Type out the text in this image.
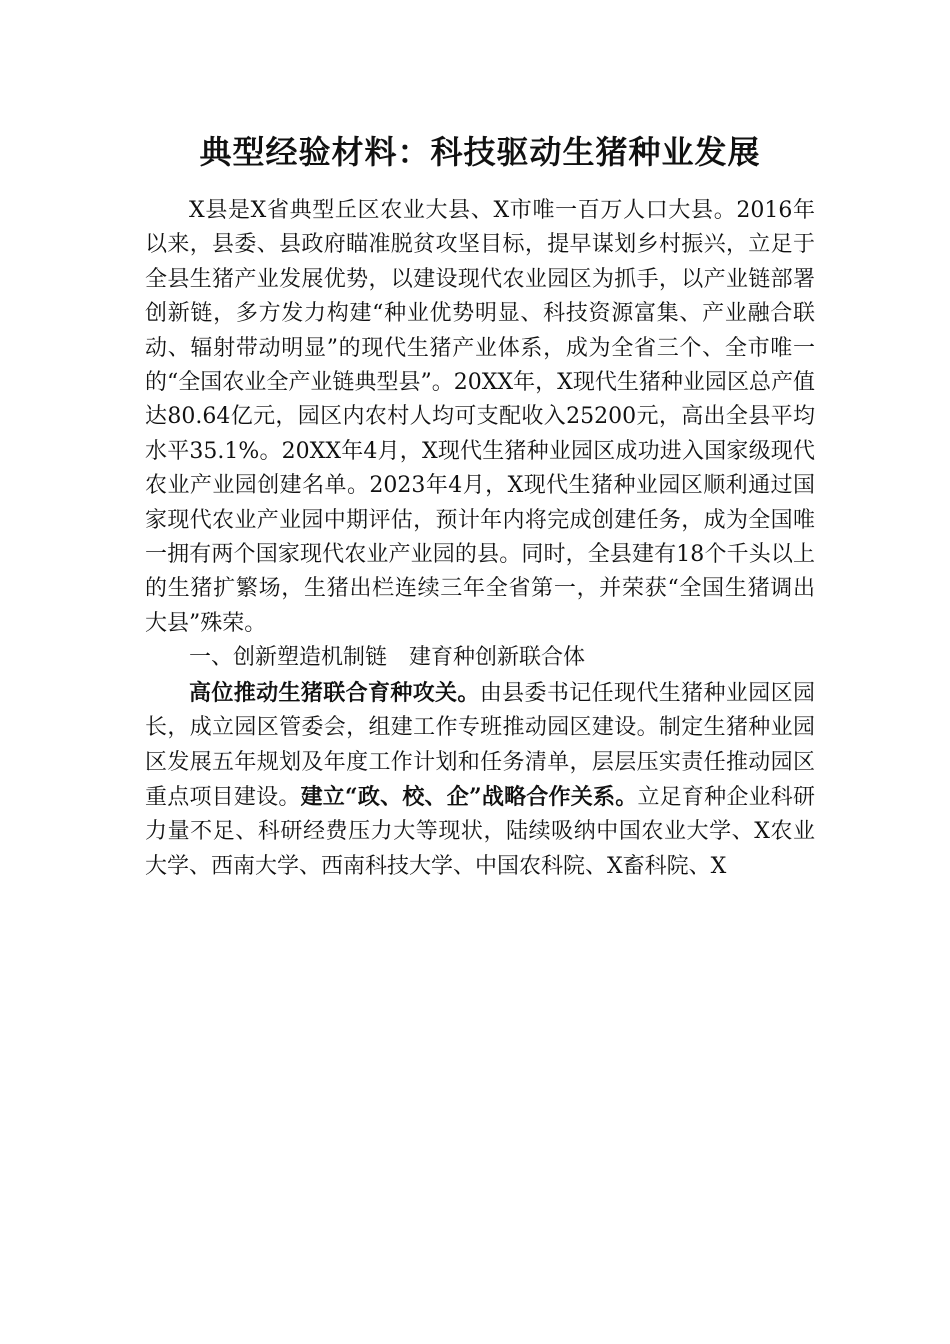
典型经验材料：科技驱动生猪种业发展

X县是X省典型丘区农业大县、X市唯一百万人口大县。2016年以来，县委、县政府瞄准脱贫攻坚目标，提早谋划乡村振兴，立足于全县生猪产业发展优势，以建设现代农业园区为抓手，以产业链部署创新链，多方发力构建“种业优势明显、科技资源富集、产业融合联动、辐射带动明显”的现代生猪产业体系，成为全省三个、全市唯一的“全国农业全产业链典型县”。20XX年，X现代生猪种业园区总产值达80.64亿元，园区内农村人均可支配收入25200元，高出全县平均水平35.1%。20XX年4月，X现代生猪种业园区成功进入国家级现代农业产业园创建名单。2023年4月，X现代生猪种业园区顺利通过国家现代农业产业园中期评估，预计年内将完成创建任务，成为全国唯一拥有两个国家现代农业产业园的县。同时，全县建有18个千头以上的生猪扩繁场，生猪出栏连续三年全省第一，并荣获“全国生猪调出大县”殊荣。

一、创新塑造机制链　建育种创新联合体

高位推动生猪联合育种攻关。由县委书记任现代生猪种业园区园长，成立园区管委会，组建工作专班推动园区建设。制定生猪种业园区发展五年规划及年度工作计划和任务清单，层层压实责任推动园区重点项目建设。建立“政、校、企”战略合作关系。立足育种企业科研力量不足、科研经费压力大等现状，陆续吸纳中国农业大学、X农业大学、西南大学、西南科技大学、中国农科院、X畜科院、X
